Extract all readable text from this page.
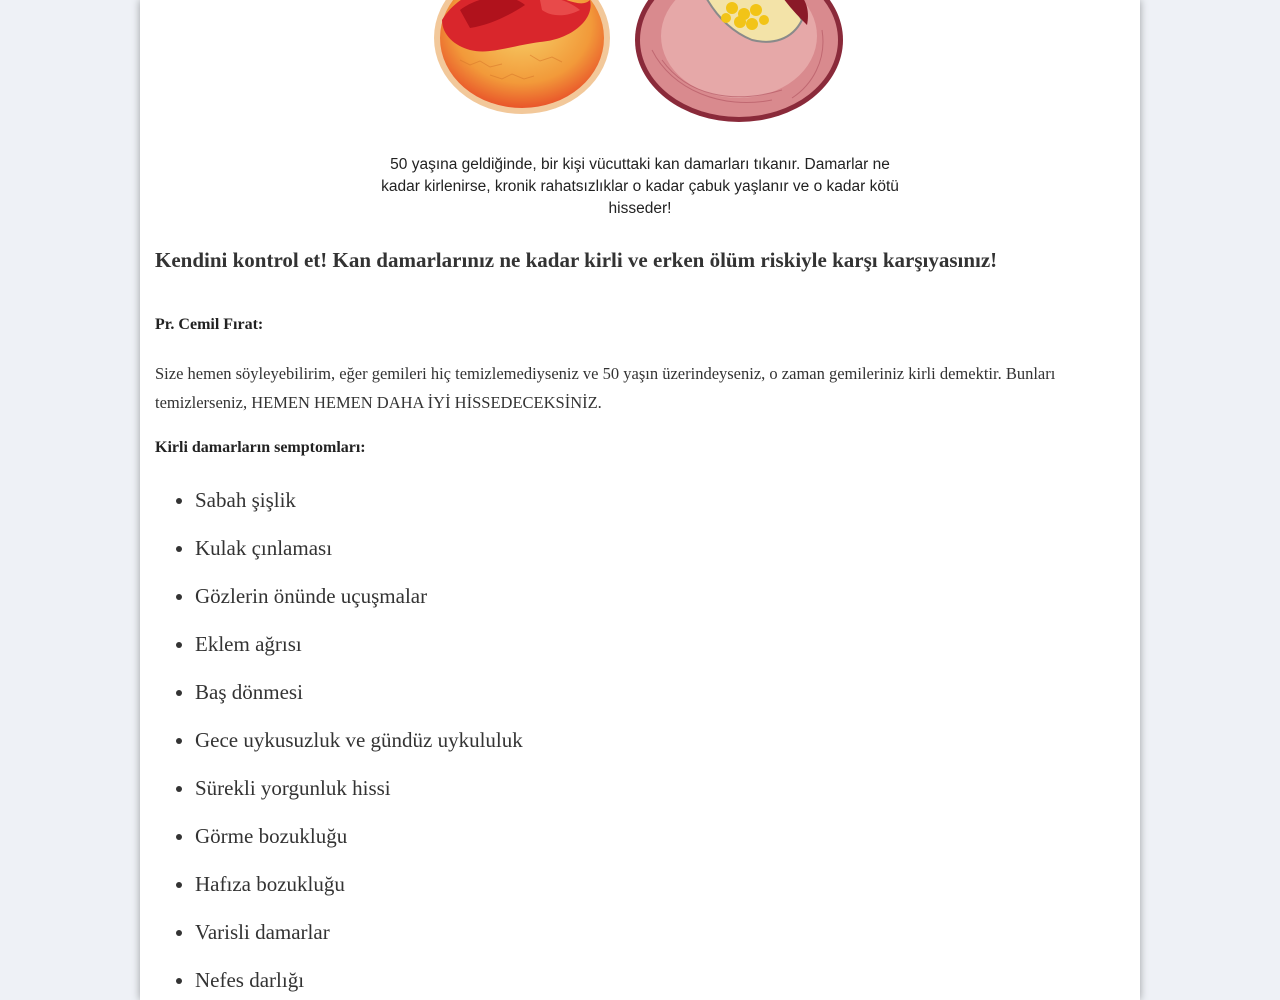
50 yaşına geldiğinde, bir kişi vücuttaki kan damarları tıkanır. Damarlar ne kadar kirlenirse, kronik rahatsızlıklar o kadar çabuk yaşlanır ve o kadar kötü hisseder!
Kendini kontrol et! Kan damarlarınız ne kadar kirli ve erken ölüm riskiyle karşı karşıyasınız!

Pr. Cemil Fırat:

Size hemen söyleyebilirim, eğer gemileri hiç temizlemediyseniz ve 50 yaşın üzerindeyseniz, o zaman gemileriniz kirli demektir. Bunları temizlerseniz, HEMEN HEMEN DAHA İYİ HİSSEDECEKSİNİZ.

Kirli damarların semptomları:

• Sabah şişlik
• Kulak çınlaması
• Gözlerin önünde uçuşmalar
• Eklem ağrısı
• Baş dönmesi
• Gece uykusuzluk ve gündüz uykululuk
• Sürekli yorgunluk hissi
• Görme bozukluğu
• Hafıza bozukluğu
• Varisli damarlar
• Nefes darlığı
